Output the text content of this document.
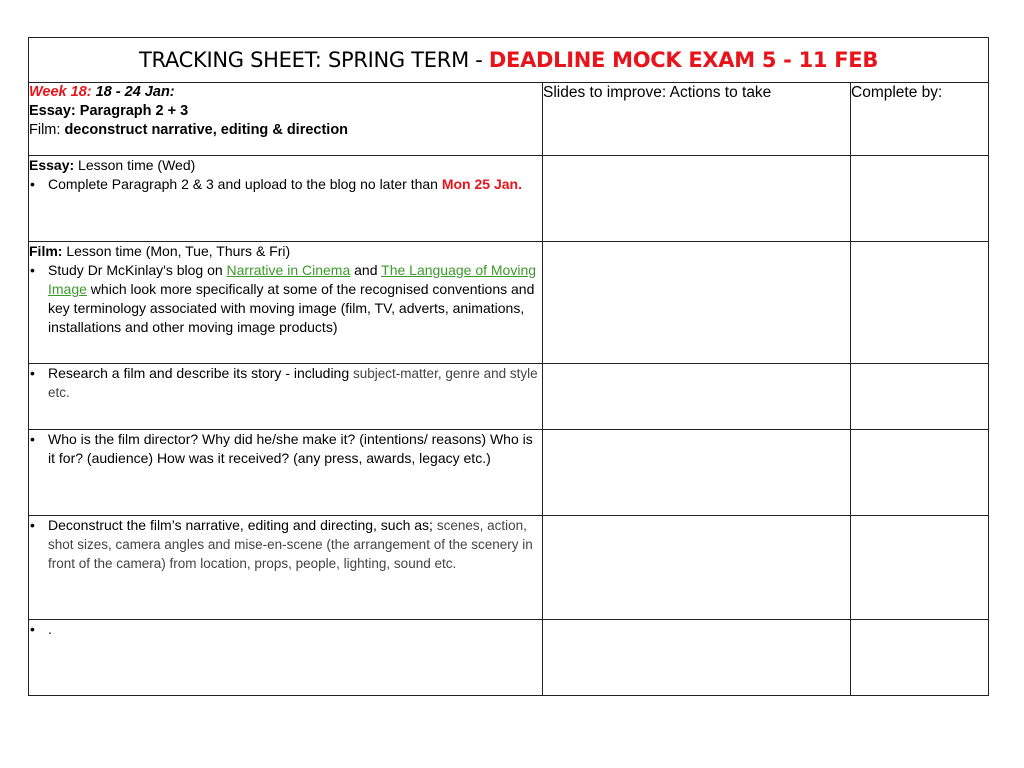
TRACKING SHEET: SPRING TERM - DEADLINE MOCK EXAM 5 - 11 FEB		

Week 18: 18 - 24 Jan:
Essay: Paragraph 2 + 3
Film: deconstruct narrative, editing & direction	Slides to improve: Actions to take	Complete by:

Essay: Lesson time (Wed)
• Complete Paragraph 2 & 3 and upload to the blog no later than Mon 25 Jan.		

Film: Lesson time (Mon, Tue, Thurs & Fri)
• Study Dr McKinlay's blog on Narrative in Cinema and The Language of Moving Image which look more specifically at some of the recognised conventions and key terminology associated with moving image (film, TV, adverts, animations, installations and other moving image products)		

• Research a film and describe its story - including subject-matter, genre and style etc.		

• Who is the film director? Why did he/she make it? (intentions/ reasons) Who is it for? (audience) How was it received? (any press, awards, legacy etc.)		

• Deconstruct the film’s narrative, editing and directing, such as; scenes, action, shot sizes, camera angles and mise-en-scene (the arrangement of the scenery in front of the camera) from location, props, people, lighting, sound etc.		

• .		
